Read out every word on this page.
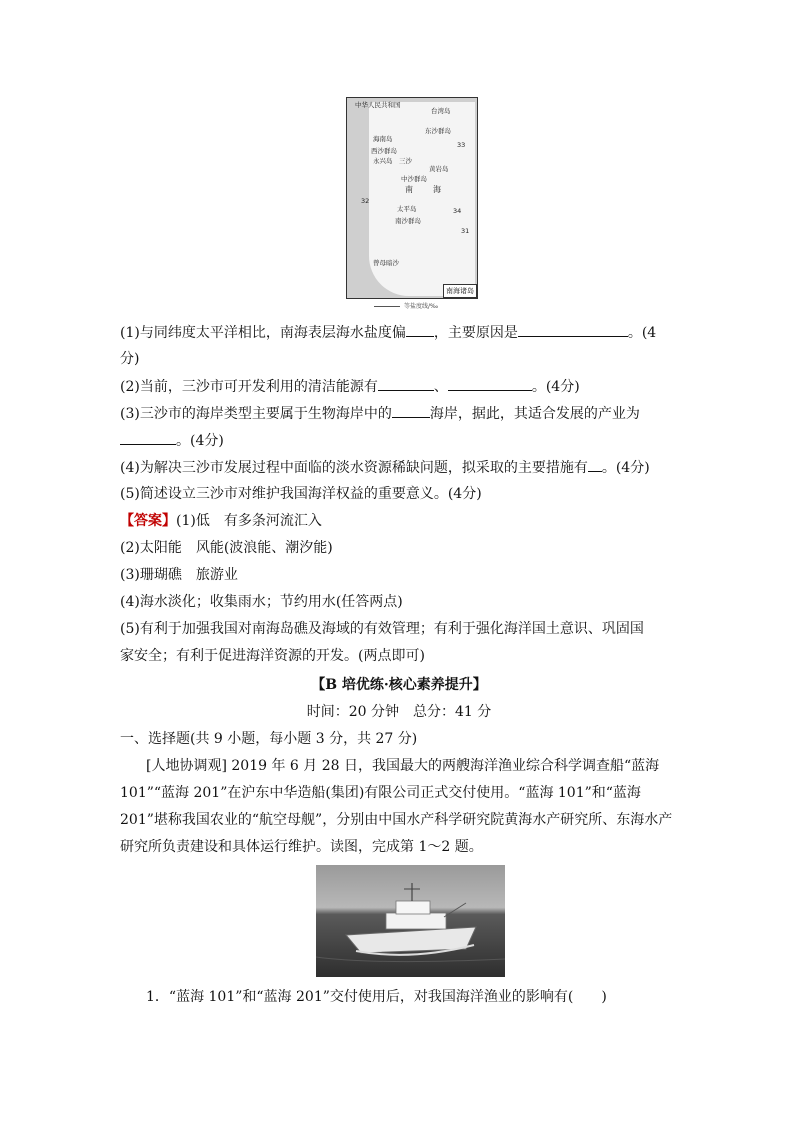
中华人民共和国
台湾岛
东沙群岛
海南岛
西沙群岛
永兴岛 三沙
黄岩岛
中沙群岛
南	海
太平岛
南沙群岛
曾母暗沙
33
34
32
31
南海诸岛
等盐度线/‰
(1)与同纬度太平洋相比，南海表层海水盐度偏 ，主要原因是	。(4
分)
(2)当前，三沙市可开发利用的清洁能源有	、	。(4分)
(3)三沙市的海岸类型主要属于生物海岸中的	海岸，据此，其适合发展的产业为
。(4分)
(4)为解决三沙市发展过程中面临的淡水资源稀缺问题，拟采取的主要措施有 。(4分)
(5)简述设立三沙市对维护我国海洋权益的重要意义。(4分)
【答案】(1)低　有多条河流汇入
(2)太阳能　风能(波浪能、潮汐能)
(3)珊瑚礁　旅游业
(4)海水淡化；收集雨水；节约用水(任答两点)
(5)有利于加强我国对南海岛礁及海域的有效管理；有利于强化海洋国土意识、巩固国
家安全；有利于促进海洋资源的开发。(两点即可)
【B 培优练·核心素养提升】
时间：20 分钟　总分：41 分
一、选择题(共 9 小题，每小题 3 分，共 27 分)
[人地协调观] 2019 年 6 月 28 日，我国最大的两艘海洋渔业综合科学调查船“蓝海
101”“蓝海 201”在沪东中华造船(集团)有限公司正式交付使用。“蓝海 101”和“蓝海
201”堪称我国农业的“航空母舰”，分别由中国水产科学研究院黄海水产研究所、东海水产
研究所负责建设和具体运行维护。读图，完成第 1～2 题。
1．“蓝海 101”和“蓝海 201”交付使用后，对我国海洋渔业的影响有(　　)
